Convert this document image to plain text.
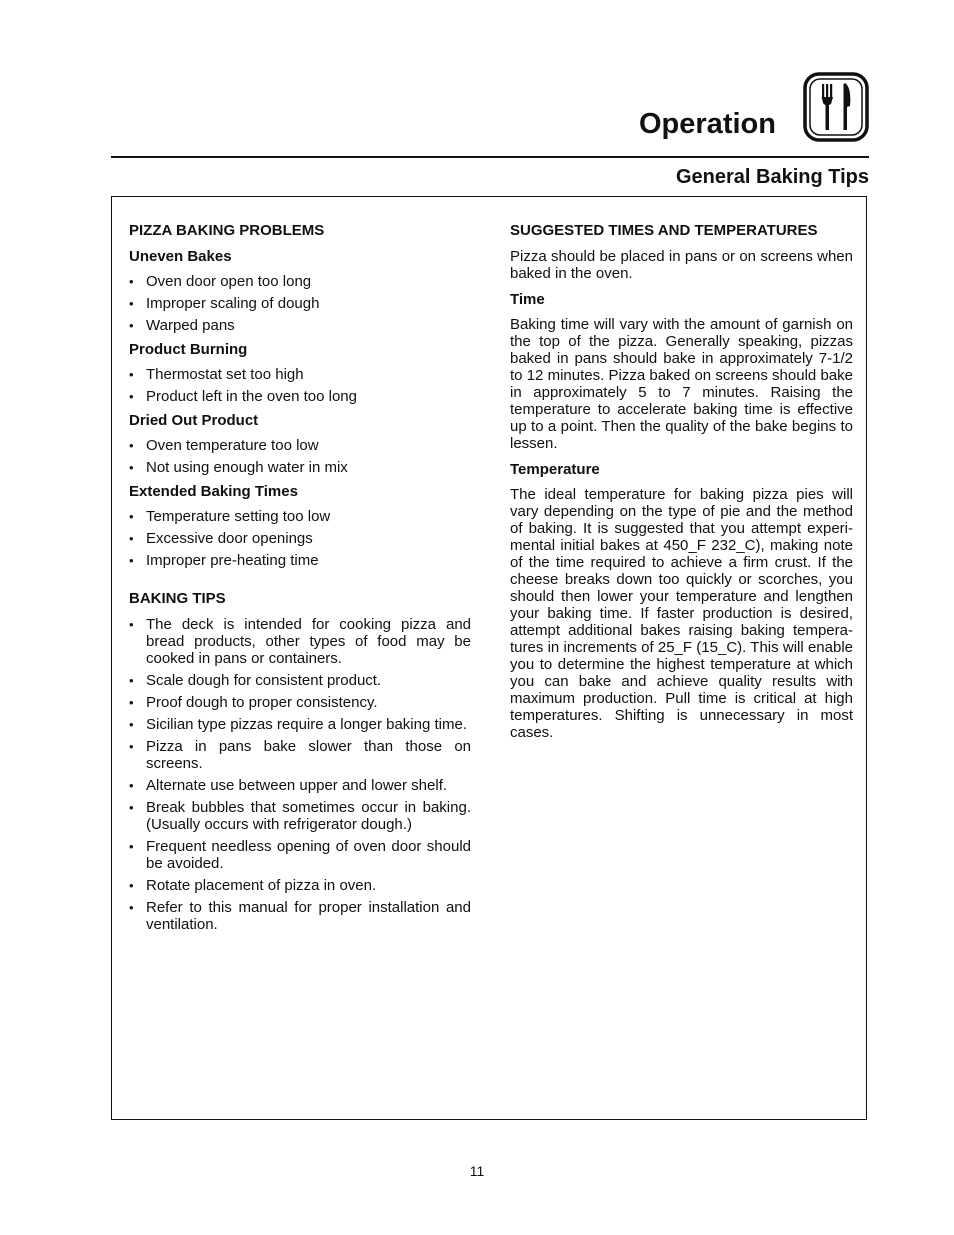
Operation
General Baking Tips
PIZZA BAKING PROBLEMS
Uneven Bakes
• Oven door open too long
• Improper scaling of dough
• Warped pans
Product Burning
• Thermostat set too high
• Product left in the oven too long
Dried Out Product
• Oven temperature too low
• Not using enough water in mix
Extended Baking Times
• Temperature setting too low
• Excessive door openings
• Improper pre-heating time
BAKING TIPS
• The deck is intended for cooking pizza and bread products, other types of food may be cooked in pans or containers.
• Scale dough for consistent product.
• Proof dough to proper consistency.
• Sicilian type pizzas require a longer baking time.
• Pizza in pans bake slower than those on screens.
• Alternate use between upper and lower shelf.
• Break bubbles that sometimes occur in baking. (Usually occurs with refrigerator dough.)
• Frequent needless opening of oven door should be avoided.
• Rotate placement of pizza in oven.
• Refer to this manual for proper installation and ventilation.
SUGGESTED TIMES AND TEMPERATURES

Pizza should be placed in pans or on screens when baked in the oven.

Time

Baking time will vary with the amount of garnish on the top of the pizza. Generally speaking, pizzas baked in pans should bake in approximately 7-1/2 to 12 minutes. Pizza baked on screens should bake in approximately 5 to 7 minutes. Raising the temperature to accelerate baking time is effective up to a point. Then the quality of the bake begins to lessen.

Temperature

The ideal temperature for baking pizza pies will vary depending on the type of pie and the method of baking. It is suggested that you attempt experi-mental initial bakes at 450_F 232_C), making note of the time required to achieve a firm crust. If the cheese breaks down too quickly or scorches, you should then lower your temperature and lengthen your baking time. If faster production is desired, attempt additional bakes raising baking tempera-tures in increments of 25_F (15_C). This will enable you to determine the highest temperature at which you can bake and achieve quality results with maximum production. Pull time is critical at high temperatures. Shifting is unnecessary in most cases.

11
